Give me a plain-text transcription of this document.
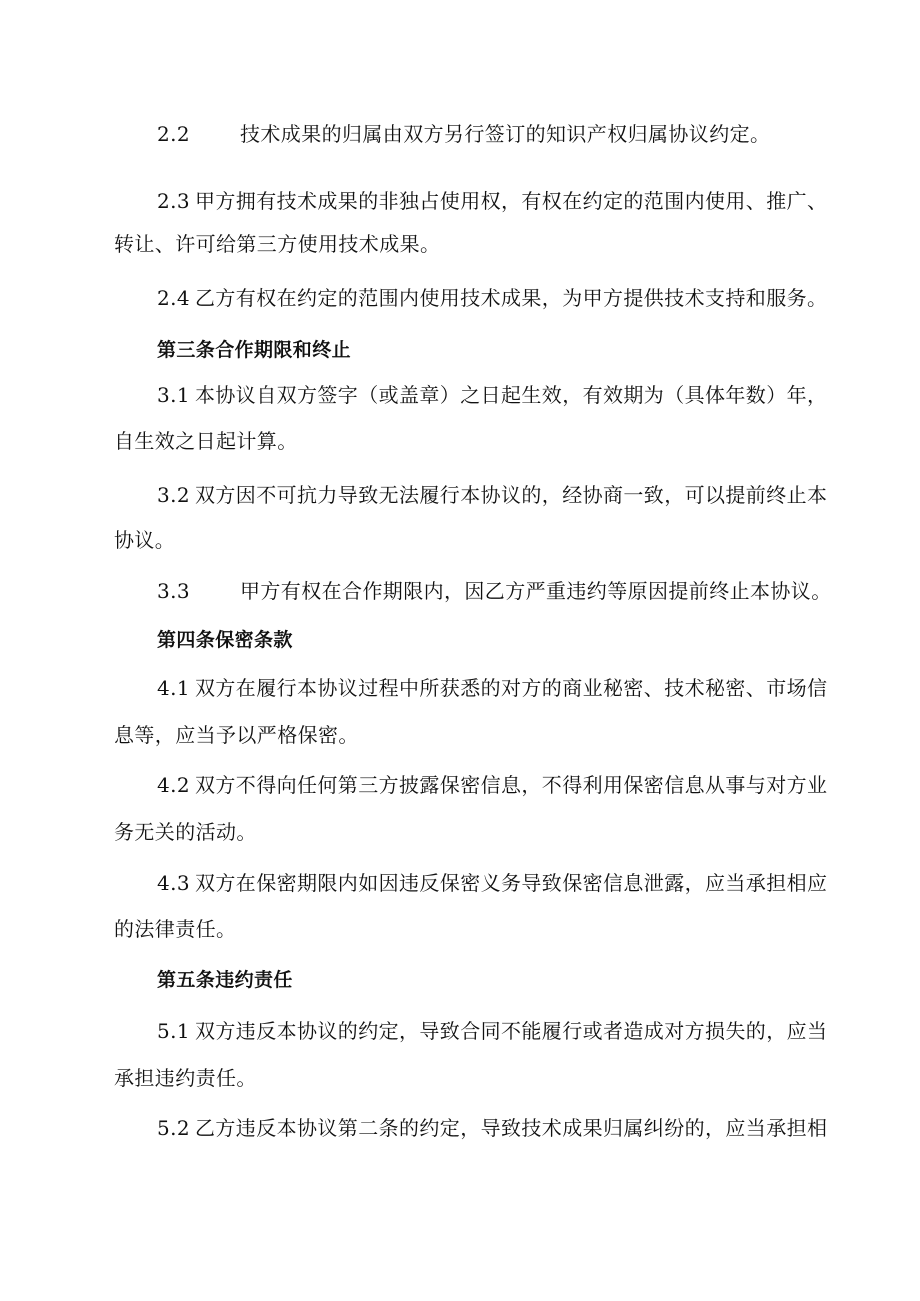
2.2 技术成果的归属由双方另行签订的知识产权归属协议约定。
2.3 甲方拥有技术成果的非独占使用权，有权在约定的范围内使用、推广、
转让、许可给第三方使用技术成果。
2.4 乙方有权在约定的范围内使用技术成果，为甲方提供技术支持和服务。
第三条合作期限和终止
3.1 本协议自双方签字（或盖章）之日起生效，有效期为（具体年数）年，
自生效之日起计算。
3.2 双方因不可抗力导致无法履行本协议的，经协商一致，可以提前终止本
协议。
3.3 甲方有权在合作期限内，因乙方严重违约等原因提前终止本协议。
第四条保密条款
4.1 双方在履行本协议过程中所获悉的对方的商业秘密、技术秘密、市场信
息等，应当予以严格保密。
4.2 双方不得向任何第三方披露保密信息，不得利用保密信息从事与对方业
务无关的活动。
4.3 双方在保密期限内如因违反保密义务导致保密信息泄露，应当承担相应
的法律责任。
第五条违约责任
5.1 双方违反本协议的约定，导致合同不能履行或者造成对方损失的，应当
承担违约责任。
5.2 乙方违反本协议第二条的约定，导致技术成果归属纠纷的，应当承担相
